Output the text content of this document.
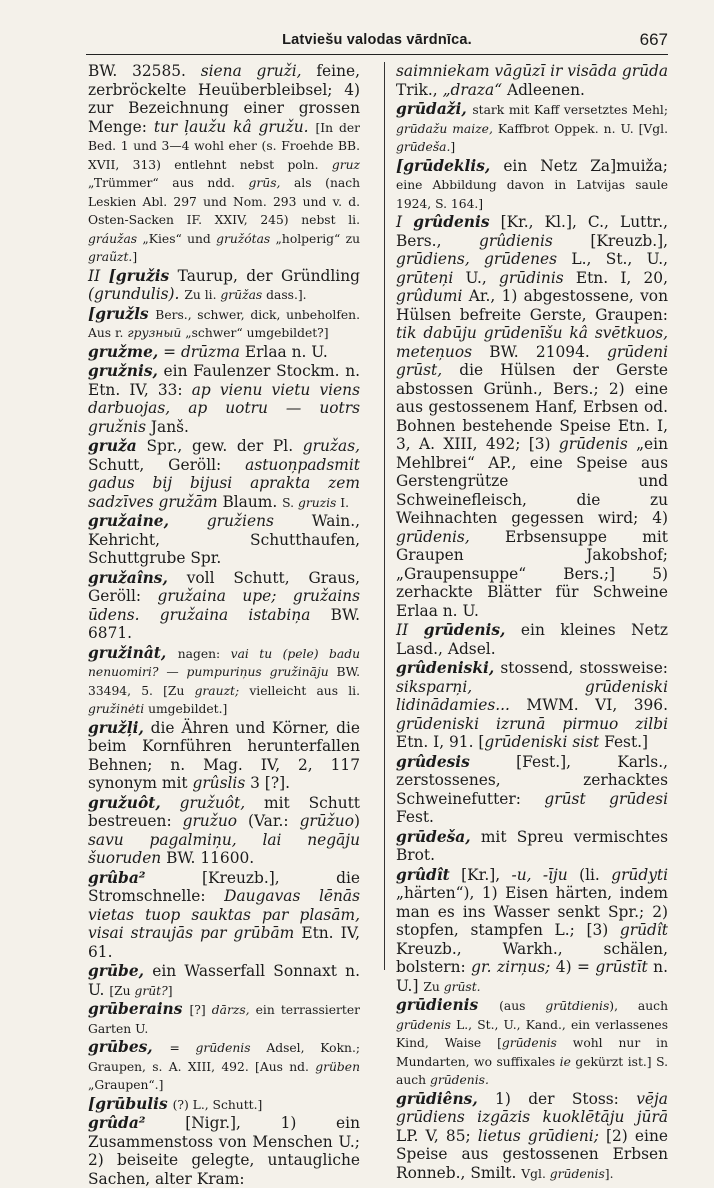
Latviešu valodas vārdnīca.	667

BW. 32585. siena gruži, feine, zerbröckelte Heuüberbleibsel; 4) zur Bezeichnung einer grossen Menge: tur ļaužu kâ gružu. [In der Bed. 1 und 3—4 wohl eher (s. Froehde BB. XVII, 313) entlehnt nebst poln. gruz „Trümmer“ aus ndd. grūs, als (nach Leskien Abl. 297 und Nom. 293 und v. d. Osten-Sacken IF. XXIV, 245) nebst li. gráužas „Kies“ und gružótas „holperig“ zu graũzt.]

II [gružis Taurup, der Gründling (grundulis). Zu li. grūžas dass.].

[gružls Bers., schwer, dick, unbeholfen. Aus r. грузный „schwer“ umgebildet?]

gružme, = drūzma Erlaa n. U.

gružnis, ein Faulenzer Stockm. n. Etn. IV, 33: ap vienu vietu viens darbuojas, ap uotru — uotrs gružnis Janš.

gruža Spr., gew. der Pl. gružas, Schutt, Geröll: astuoņpadsmit gadus bij bijusi aprakta zem sadzīves gružām Blaum. S. gruzis I.

gružaine, gružiens Wain., Kehricht, Schutthaufen, Schuttgrube Spr.

gružaîns, voll Schutt, Graus, Geröll: gružaina upe; gružains ūdens. gružaina istabiņa BW. 6871.

gružinât, nagen: vai tu (pele) badu nenuomiri? — pumpuriņus gružināju BW. 33494, 5. [Zu grauzt; vielleicht aus li. gružinėti umgebildet.]

gružļi, die Ähren und Körner, die beim Kornführen herunterfallen Behnen; n. Mag. IV, 2, 117 synonym mit grûslis 3 [?].

gružuôt, gružuôt, mit Schutt bestreuen: gružuo (Var.: grūžuo) savu pagalmiņu, lai negāju šuoruden BW. 11600.

grûba² [Kreuzb.], die Stromschnelle: Daugavas lēnās vietas tuop sauktas par plasām, visai straujās par grūbām Etn. IV, 61.

grūbe, ein Wasserfall Sonnaxt n. U. [Zu grūt?]

grūberains [?] dārzs, ein terrassierter Garten U.

grūbes, = grūdenis Adsel, Kokn.; Graupen, s. A. XIII, 492. [Aus nd. grüben „Graupen“.]

[grūbulis (?) L., Schutt.]

grûda² [Nigr.], 1) ein Zusammenstoss von Menschen U.; 2) beiseite gelegte, untaugliche Sachen, alter Kram:

saimniekam vāgūzī ir visāda grūda Trik., „draza“ Adleenen.

grūdaži, stark mit Kaff versetztes Mehl; grūdažu maize, Kaffbrot Oppek. n. U. [Vgl. grūdeša.]

[grūdeklis, ein Netz Za]muiža; eine Abbildung davon in Latvijas saule 1924, S. 164.]

I grûdenis [Kr., Kl.], C., Luttr., Bers., grûdienis [Kreuzb.], grūdiens, grūdenes L., St., U., grūteņi U., grūdinis Etn. I, 20, grûdumi Ar., 1) abgestossene, von Hülsen befreite Gerste, Graupen: tik dabūju grūdenīšu kâ svētkuos, meteņuos BW. 21094. grūdeni grūst, die Hülsen der Gerste abstossen Grünh., Bers.; 2) eine aus gestossenem Hanf, Erbsen od. Bohnen bestehende Speise Etn. I, 3, A. XIII, 492; [3) grūdenis „ein Mehlbrei“ AP., eine Speise aus Gerstengrütze und Schweinefleisch, die zu Weihnachten gegessen wird; 4) grūdenis, Erbsensuppe mit Graupen Jakobshof; „Graupensuppe“ Bers.;] 5) zerhackte Blätter für Schweine Erlaa n. U.

II grūdenis, ein kleines Netz Lasd., Adsel.

grûdeniski, stossend, stossweise: siksparņi, grūdeniski lidinādamies... MWM. VI, 396. grūdeniski izrunā pirmuo zilbi Etn. I, 91. [grūdeniski sist Fest.]

grûdesis [Fest.], Karls., zerstossenes, zerhacktes Schweinefutter: grūst grūdesi Fest.

grūdeša, mit Spreu vermischtes Brot.

grûdît [Kr.], -u, -īju (li. grūdyti „härten“), 1) Eisen härten, indem man es ins Wasser senkt Spr.; 2) stopfen, stampfen L.; [3) grūdît Kreuzb., Warkh., schälen, bolstern: gr. zirņus; 4) = grūstīt n. U.] Zu grūst.

grūdienis (aus grūtdienis), auch grūdenis L., St., U., Kand., ein verlassenes Kind, Waise [grūdenis wohl nur in Mundarten, wo suffixales ie gekürzt ist.] S. auch grūdenis.

grūdiêns, 1) der Stoss: vēja grūdiens izgāzis kuoklētāju jūrā LP. V, 85; lietus grūdieni; [2) eine Speise aus gestossenen Erbsen Ronneb., Smilt. Vgl. grūdenis].
